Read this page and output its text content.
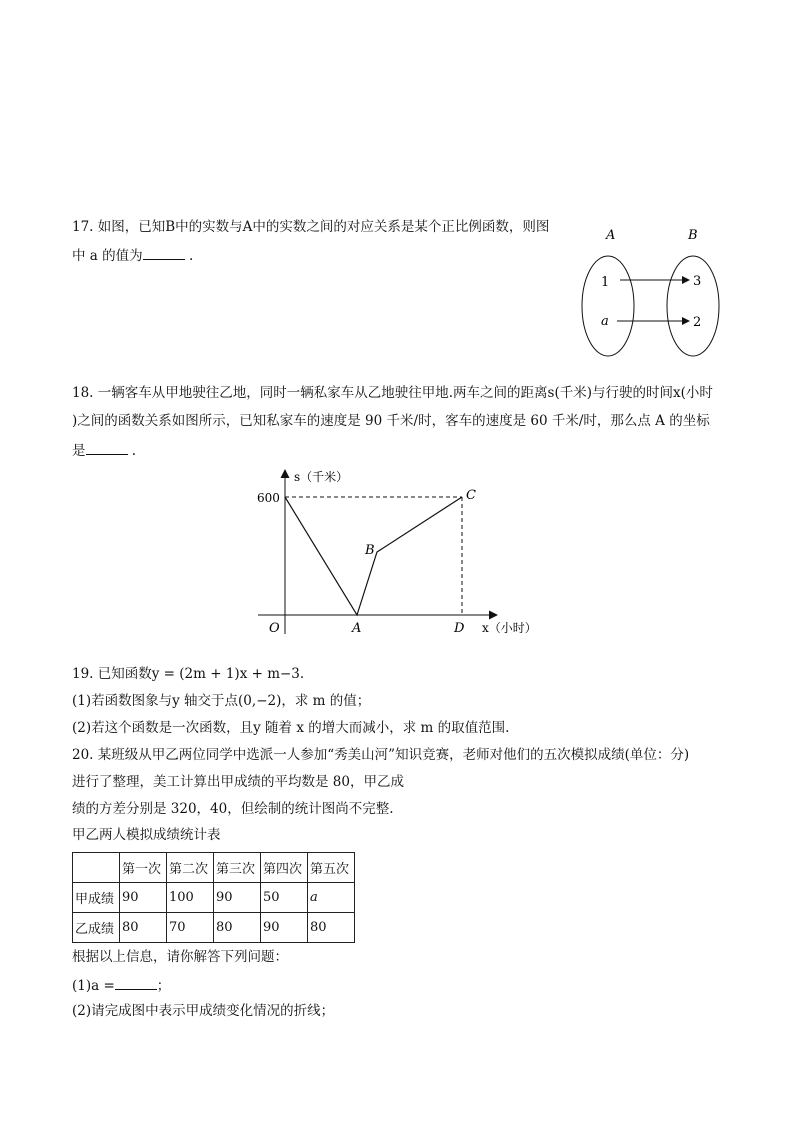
17. 如图，已知B中的实数与A中的实数之间的对应关系是某个正比例函数，则图
中 a 的值为	.
A	B
1
a
3
2
18. 一辆客车从甲地驶往乙地，同时一辆私家车从乙地驶往甲地.两车之间的距离s(千米)与行驶的时间x(小时
)之间的函数关系如图所示，已知私家车的速度是 90 千米/时，客车的速度是 60 千米/时，那么点 A 的坐标
是	.
s（千米）
x（小时）
600
O	A
B
C
D
19. 已知函数y = (2m + 1)x + m−3.
(1)若函数图象与y 轴交于点(0,−2)，求 m 的值；
(2)若这个函数是一次函数，且y 随着 x 的增大而减小，求 m 的取值范围.
20. 某班级从甲乙两位同学中选派一人参加“秀美山河”知识竞赛，老师对他们的五次模拟成绩(单位：分)
进行了整理，美工计算出甲成绩的平均数是 80，甲乙成
绩的方差分别是 320，40，但绘制的统计图尚不完整.
甲乙两人模拟成绩统计表
	第一次	第二次	第三次	第四次	第五次
甲成绩	90	100	90	50	a
乙成绩	80	70	80	90	80
根据以上信息，请你解答下列问题：
(1)a =	；
(2)请完成图中表示甲成绩变化情况的折线；
